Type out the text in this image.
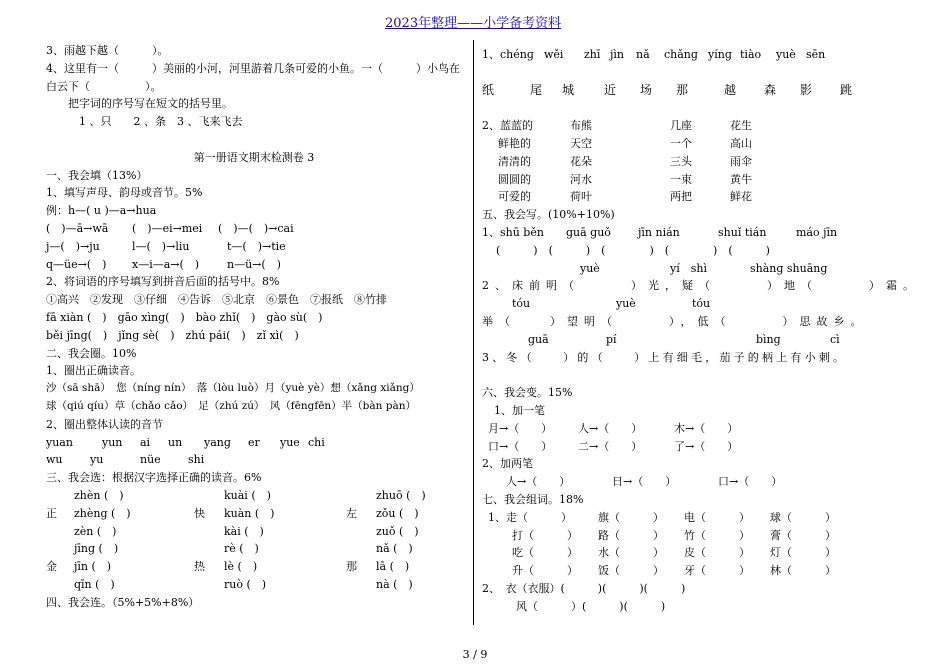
2023年整理——小学备考资料
3、雨越下越（　　　）。
4、这里有一（　　　）美丽的小河，河里游着几条可爱的小鱼。一（　　　）小鸟在
白云下（　　　　　）。
　　把字词的序号写在短文的括号里。
　　　1 、只　　2 、条　3 、飞来飞去
第一册语文期末检测卷 3
一、我会填（13%）
1、填写声母、韵母或音节。5%
例：h—( u )—a→hua
(　)—ā→wā	(　)—ei→mei	(　)—(　)→cai
j—(　)→ju	l—(　)→liu	t—(　)→tie
q—üe→(　)	x—i—a→(　)	n—ü→(　)
2、将词语的序号填写到拼音后面的括号中。8%
①高兴　②发现　③仔细　④告诉　⑤北京　⑥景色　⑦报纸　⑧竹排
fā xiàn (　)　gāo xìng(　)　bào zhǐ(　)　gào sù(　)
běi jīng(　)　jǐng sè(　)　zhú pái(　)　zǐ xì(　)
二、我会圈。10%
1、圈出正确读音。
沙（sā shā）　您（níng nín）　落（lòu luò）月（yuè yè）想（xǎng xiǎng）
球（qiú qíu）草（chǎo cǎo）　足（zhú zú）　风（fēngfēn）半（bàn pàn）
2、圈出整体认读的音节
yuan	yun	ai	un	yang	er	yue chi
wu	yu	nüe	shi
三、我会选：根据汉字选择正确的读音。6%
zhèn (　)	kuài (　)	zhuō (　)
正	zhèng (　)	快	kuàn (　)	左	zǒu (　)
zèn (　)	kài (　)	zuǒ (　)
jīng (　)	rè (　)	nǎ (　)
金	jīn (　)	热	lè (　)	那	lā (　)
qīn (　)	ruò (　)	nà (　)
四、我会连。（5%+5%+8%）
1、chénɡ wěi	zhī jìn	nǎ	chǎnɡ yínɡ tiào	yuè sēn
纸	尾	城	近	场	那	越	森	影	跳
2、蓝蓝的	布熊	几座	花生
鲜艳的	天空	一个	高山
清清的	花朵	三头	雨伞
圆圆的	河水	一束	黄牛
可爱的	荷叶	两把	鲜花
五、我会写。(10%+10%)
1、shū běn	guā guǒ	jīn nián	shuǐ tián	máo jīn
(　　　)　(　　　)　(　　　　)　(　　　　)　(　　　)
yuè	yí　shì	shànɡ shuānɡ
2、床前明（　　　）光，疑（　　　）地（　　　）霜。
tóu	yuè	tóu
举（　　）望明（　　　），低（　　　）思故乡。
guā	pí	bìnɡ	cì
3、冬（　　）的（　　）上有细毛，茄子的柄上有小刺。
六、我会变。15%
1、加一笔
月→（　　）	人→（　　）	木→（　　）
口→（　　）	二→（　　）	了→（　　）
2、加两笔
人→（　　）	日→（　　）	口→（　　）
七、我会组词。18%
1、走（　　　）	旗（　　　）	电（　　　）	球（　　　）
打（　　　）	路（　　　）	竹（　　　）	膏（　　　）
吃（　　　）	水（　　　）	皮（　　　）	灯（　　　）
升（　　　）	饭（　　　）	牙（　　　）	林（　　　）
2、　衣（衣服）(　　　)(　　　)(　　　)
风（　　　）(　　　)(　　　)
3 / 9
